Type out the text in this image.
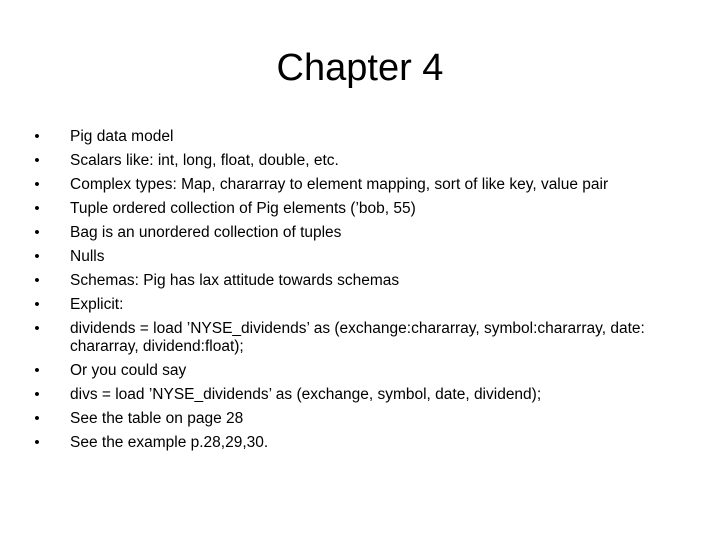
Chapter 4
• Pig data model
• Scalars like: int, long, float, double, etc.
• Complex types: Map, chararray to element mapping, sort of like key, value pair
• Tuple ordered collection of Pig elements (’bob, 55)
• Bag is an unordered collection of tuples
• Nulls
• Schemas: Pig has lax attitude towards schemas
• Explicit:
• dividends = load ’NYSE_dividends’ as (exchange:chararray, symbol:chararray, date: chararray, dividend:float);
• Or you could say
• divs = load ’NYSE_dividends’ as (exchange, symbol, date, dividend);
• See the table on page 28
• See the example p.28,29,30.
